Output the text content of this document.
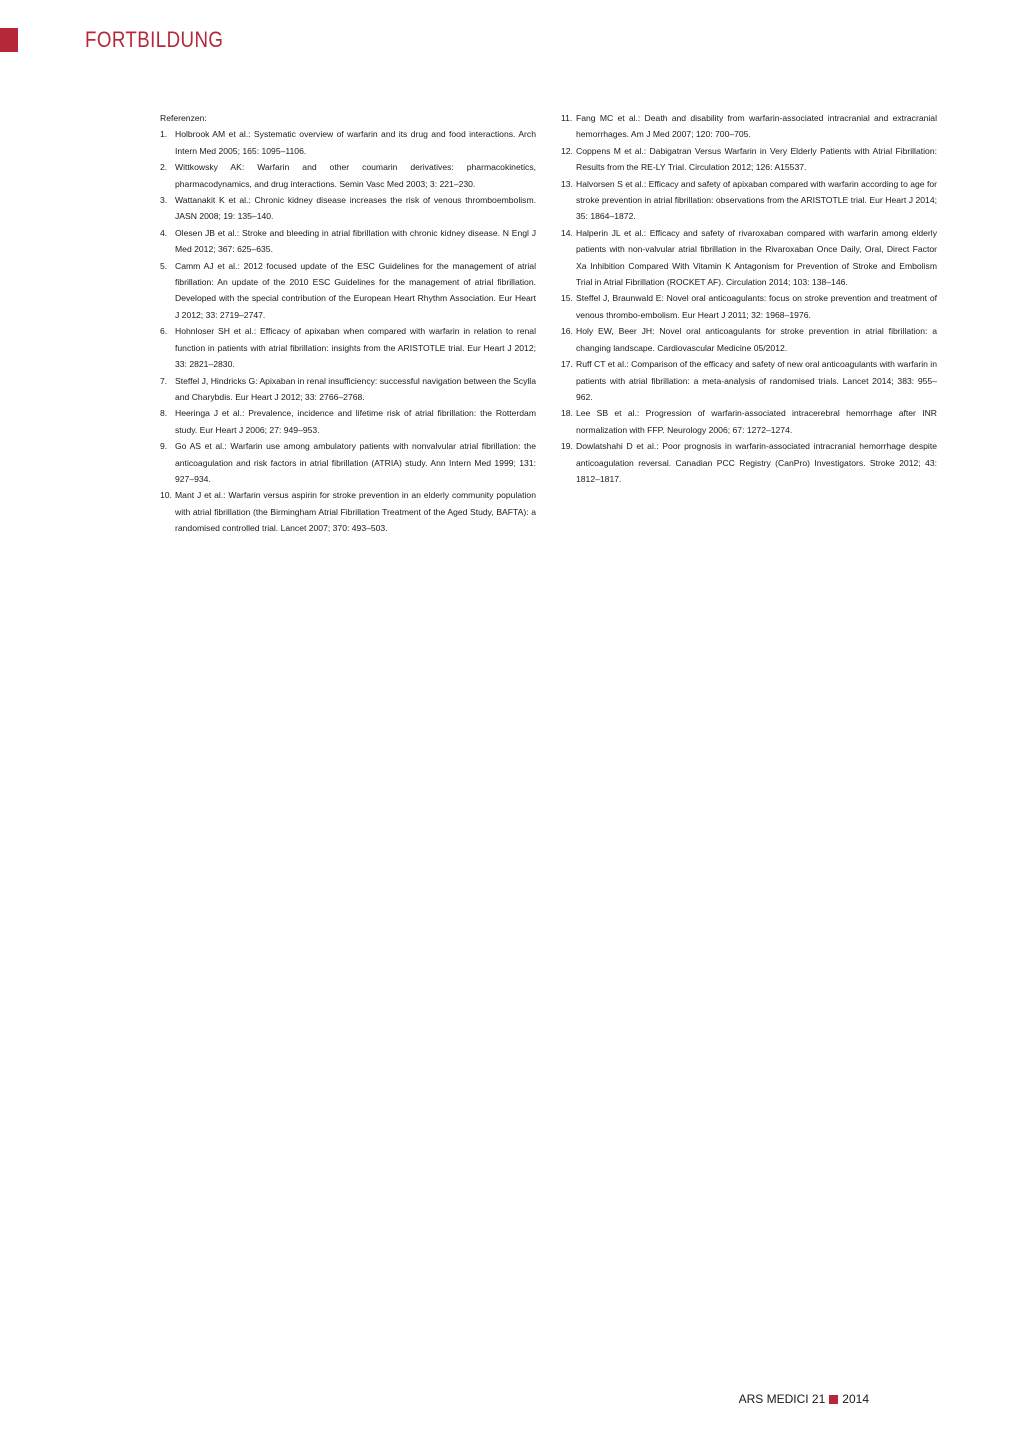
FORTBILDUNG
Referenzen:
1. Holbrook AM et al.: Systematic overview of warfarin and its drug and food interactions. Arch Intern Med 2005; 165: 1095–1106.
2. Wittkowsky AK: Warfarin and other coumarin derivatives: pharmacokinetics, pharmacodynamics, and drug interactions. Semin Vasc Med 2003; 3: 221–230.
3. Wattanakit K et al.: Chronic kidney disease increases the risk of venous thromboembolism. JASN 2008; 19: 135–140.
4. Olesen JB et al.: Stroke and bleeding in atrial fibrillation with chronic kidney disease. N Engl J Med 2012; 367: 625–635.
5. Camm AJ et al.: 2012 focused update of the ESC Guidelines for the management of atrial fibrillation: An update of the 2010 ESC Guidelines for the management of atrial fibrillation. Developed with the special contribution of the European Heart Rhythm Association. Eur Heart J 2012; 33: 2719–2747.
6. Hohnloser SH et al.: Efficacy of apixaban when compared with warfarin in relation to renal function in patients with atrial fibrillation: insights from the ARISTOTLE trial. Eur Heart J 2012; 33: 2821–2830.
7. Steffel J, Hindricks G: Apixaban in renal insufficiency: successful navigation between the Scylla and Charybdis. Eur Heart J 2012; 33: 2766–2768.
8. Heeringa J et al.: Prevalence, incidence and lifetime risk of atrial fibrillation: the Rotterdam study. Eur Heart J 2006; 27: 949–953.
9. Go AS et al.: Warfarin use among ambulatory patients with nonvalvular atrial fibrillation: the anticoagulation and risk factors in atrial fibrillation (ATRIA) study. Ann Intern Med 1999; 131: 927–934.
10. Mant J et al.: Warfarin versus aspirin for stroke prevention in an elderly community population with atrial fibrillation (the Birmingham Atrial Fibrillation Treatment of the Aged Study, BAFTA): a randomised controlled trial. Lancet 2007; 370: 493–503.
11. Fang MC et al.: Death and disability from warfarin-associated intracranial and extracranial hemorrhages. Am J Med 2007; 120: 700–705.
12. Coppens M et al.: Dabigatran Versus Warfarin in Very Elderly Patients with Atrial Fibrillation: Results from the RE-LY Trial. Circulation 2012; 126: A15537.
13. Halvorsen S et al.: Efficacy and safety of apixaban compared with warfarin according to age for stroke prevention in atrial fibrillation: observations from the ARISTOTLE trial. Eur Heart J 2014; 35: 1864–1872.
14. Halperin JL et al.: Efficacy and safety of rivaroxaban compared with warfarin among elderly patients with non-valvular atrial fibrillation in the Rivaroxaban Once Daily, Oral, Direct Factor Xa Inhibition Compared With Vitamin K Antagonism for Prevention of Stroke and Embolism Trial in Atrial Fibrillation (ROCKET AF). Circulation 2014; 103: 138–146.
15. Steffel J, Braunwald E: Novel oral anticoagulants: focus on stroke prevention and treatment of venous thrombo-embolism. Eur Heart J 2011; 32: 1968–1976.
16. Holy EW, Beer JH: Novel oral anticoagulants for stroke prevention in atrial fibrillation: a changing landscape. Cardiovascular Medicine 05/2012.
17. Ruff CT et al.: Comparison of the efficacy and safety of new oral anticoagulants with warfarin in patients with atrial fibrillation: a meta-analysis of randomised trials. Lancet 2014; 383: 955–962.
18. Lee SB et al.: Progression of warfarin-associated intracerebral hemorrhage after INR normalization with FFP. Neurology 2006; 67: 1272–1274.
19. Dowlatshahi D et al.: Poor prognosis in warfarin-associated intracranial hemorrhage despite anticoagulation reversal. Canadian PCC Registry (CanPro) Investigators. Stroke 2012; 43: 1812–1817.
ARS MEDICI 21 2014
